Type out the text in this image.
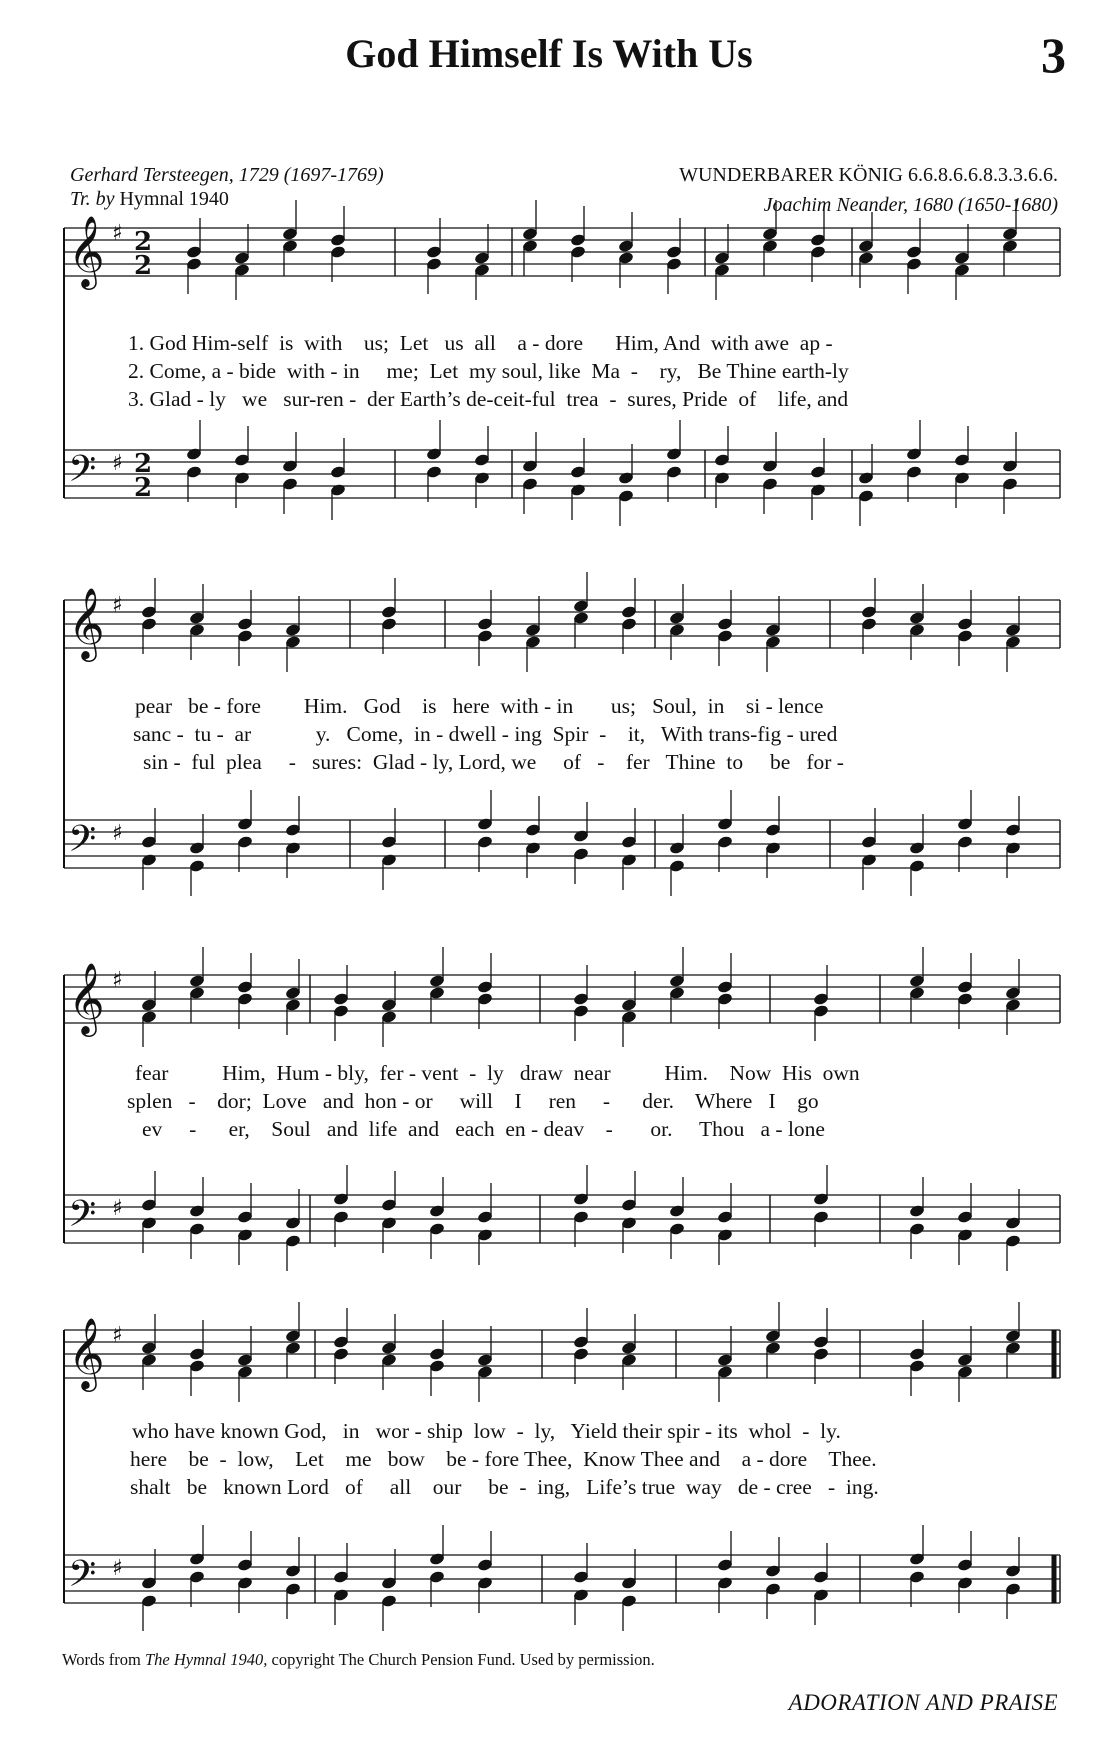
God Himself Is With Us	3
Gerhard Tersteegen, 1729 (1697-1769)
Tr. by Hymnal 1940
WUNDERBARER KÖNIG 6.6.8.6.6.8.3.3.6.6.
Joachim Neander, 1680 (1650-1680)
𝄞 ♯ 2
2
𝄢 ♯ 2
2
𝄞 ♯
𝄢 ♯
𝄞 ♯
𝄢 ♯
𝄞 ♯
𝄢 ♯
1. God Him-self  is  with    us;  Let   us  all    a - dore      Him, And  with awe  ap -
2. Come, a - bide  with - in     me;  Let  my soul, like  Ma  -    ry,   Be Thine earth-ly
3. Glad - ly   we   sur-ren -  der Earth’s de-ceit-ful  trea  -  sures, Pride  of    life, and
pear   be - fore        Him.   God    is   here  with - in       us;   Soul,  in    si - lence
sanc -  tu -  ar            y.   Come,  in - dwell - ing  Spir  -    it,   With trans-fig - ured
sin -  ful  plea     -   sures:  Glad - ly, Lord, we     of   -    fer   Thine  to     be   for -
fear          Him,  Hum - bly,  fer - vent  -  ly   draw  near          Him.    Now  His  own
splen   -    dor;  Love   and  hon - or     will    I     ren     -      der.    Where   I    go
ev     -      er,    Soul   and  life  and   each  en - deav    -       or.     Thou   a - lone
who have known God,   in   wor - ship  low  -  ly,   Yield their spir - its  whol  -  ly.
here    be  -  low,    Let    me   bow    be - fore Thee,  Know Thee and    a - dore    Thee.
shalt   be   known Lord   of     all    our     be  -  ing,   Life’s true  way   de - cree   -  ing.
Words from The Hymnal 1940, copyright The Church Pension Fund. Used by permission.
ADORATION AND PRAISE
